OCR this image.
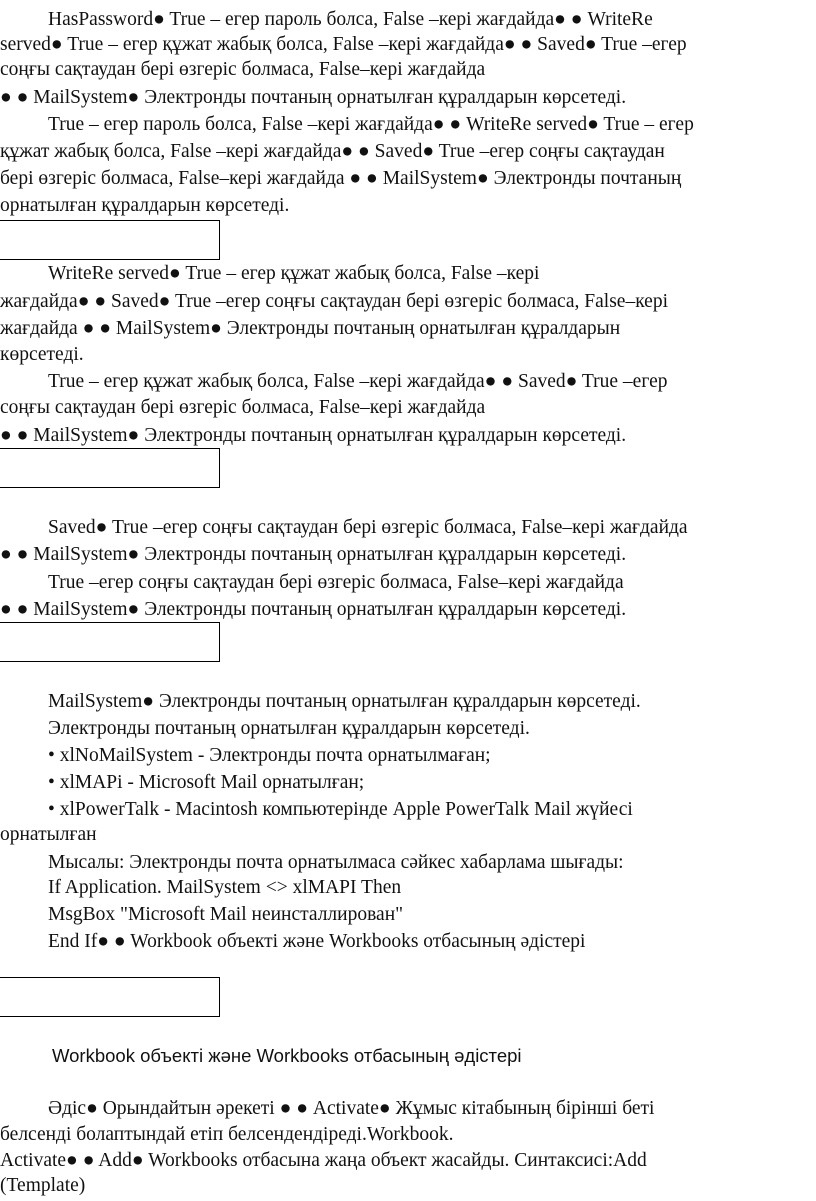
HasPassword● True – егер пароль болса, False –кері жағдайда● ● WriteRe
served● True – егер құжат жабық болса, False –кері жағдайда● ● Saved● True –егер
соңғы сақтаудан бері өзгеріс болмаса, False–кері жағдайда
● ● MailSystem● Электронды почтаның орнатылған құралдарын көрсетеді.
True – егер пароль болса, False –кері жағдайда● ● WriteRe served● True – егер
құжат жабық болса, False –кері жағдайда● ● Saved● True –егер соңғы сақтаудан
бері өзгеріс болмаса, False–кері жағдайда ● ● MailSystem● Электронды почтаның
орнатылған құралдарын көрсетеді.
WriteRe served● True – егер құжат жабық болса, False –кері
жағдайда● ● Saved● True –егер соңғы сақтаудан бері өзгеріс болмаса, False–кері
жағдайда ● ● MailSystem● Электронды почтаның орнатылған құралдарын
көрсетеді.
True – егер құжат жабық болса, False –кері жағдайда● ● Saved● True –егер
соңғы сақтаудан бері өзгеріс болмаса, False–кері жағдайда
● ● MailSystem● Электронды почтаның орнатылған құралдарын көрсетеді.
Saved● True –егер соңғы сақтаудан бері өзгеріс болмаса, False–кері жағдайда
● ● MailSystem● Электронды почтаның орнатылған құралдарын көрсетеді.
True –егер соңғы сақтаудан бері өзгеріс болмаса, False–кері жағдайда
● ● MailSystem● Электронды почтаның орнатылған құралдарын көрсетеді.
MailSystem● Электронды почтаның орнатылған құралдарын көрсетеді.
Электронды почтаның орнатылған құралдарын көрсетеді.
• xlNoMailSystem - Электронды почта орнатылмаған;
• xlMAPi - Microsoft Mail орнатылған;
• xlPowerTalk - Macintosh компьютерінде Apple PowerTalk Mail жүйесі
орнатылған
Мысалы: Электронды почта орнатылмаса сәйкес хабарлама шығады:
If Application. MailSystem <> xlMAPI Then
MsgBox "Microsoft Mail неинсталлирован"
End If● ● Workbook объекті және Workbooks отбасының әдістері
Workbook объекті және Workbooks отбасының әдістері
Әдіс● Орындайтын әрекеті ● ● Activate● Жұмыс кітабының бірінші беті
белсенді болаптындай етіп белсендендіреді.Workbook.
Activate● ● Add● Workbooks отбасына жаңа объект жасайды. Синтаксисі:Add
(Template)
